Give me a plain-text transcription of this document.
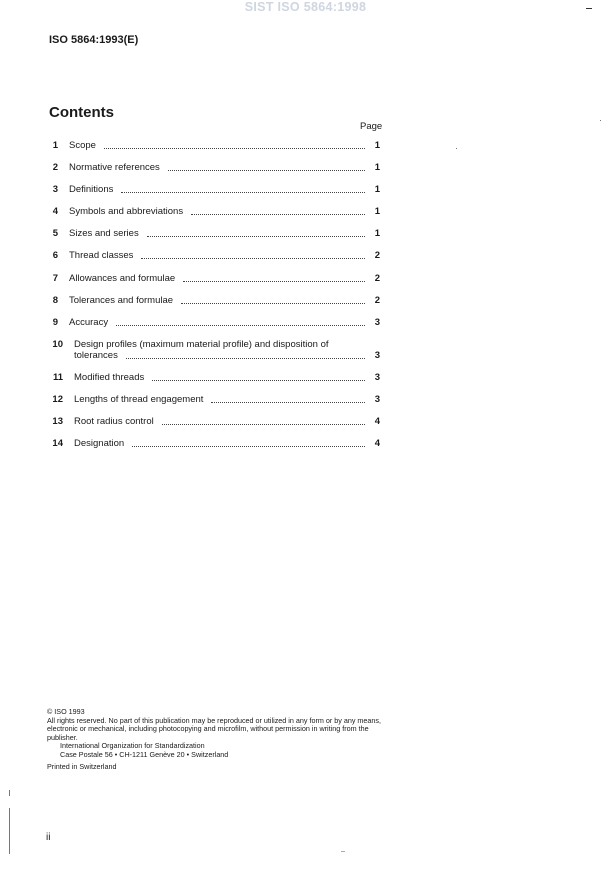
SIST ISO 5864:1998
ISO 5864:1993(E)
Contents
Page
1 Scope	1
2 Normative references	1
3 Definitions	1
4 Symbols and abbreviations	1
5 Sizes and series	1
6 Thread classes	2
7 Allowances and formulae	2
8 Tolerances and formulae	2
9 Accuracy	3
10 Design profiles (maximum material profile) and disposition of
tolerances	3
11 Modified threads	3
12 Lengths of thread engagement	3
13 Root radius control	4
14 Designation	4
© ISO 1993
All rights reserved. No part of this publication may be reproduced or utilized in any form or by any means, electronic or mechanical, including photocopying and microfilm, without permission in writing from the publisher.
International Organization for Standardization
Case Postale 56 • CH-1211 Genève 20 • Switzerland
Printed in Switzerland
ii
